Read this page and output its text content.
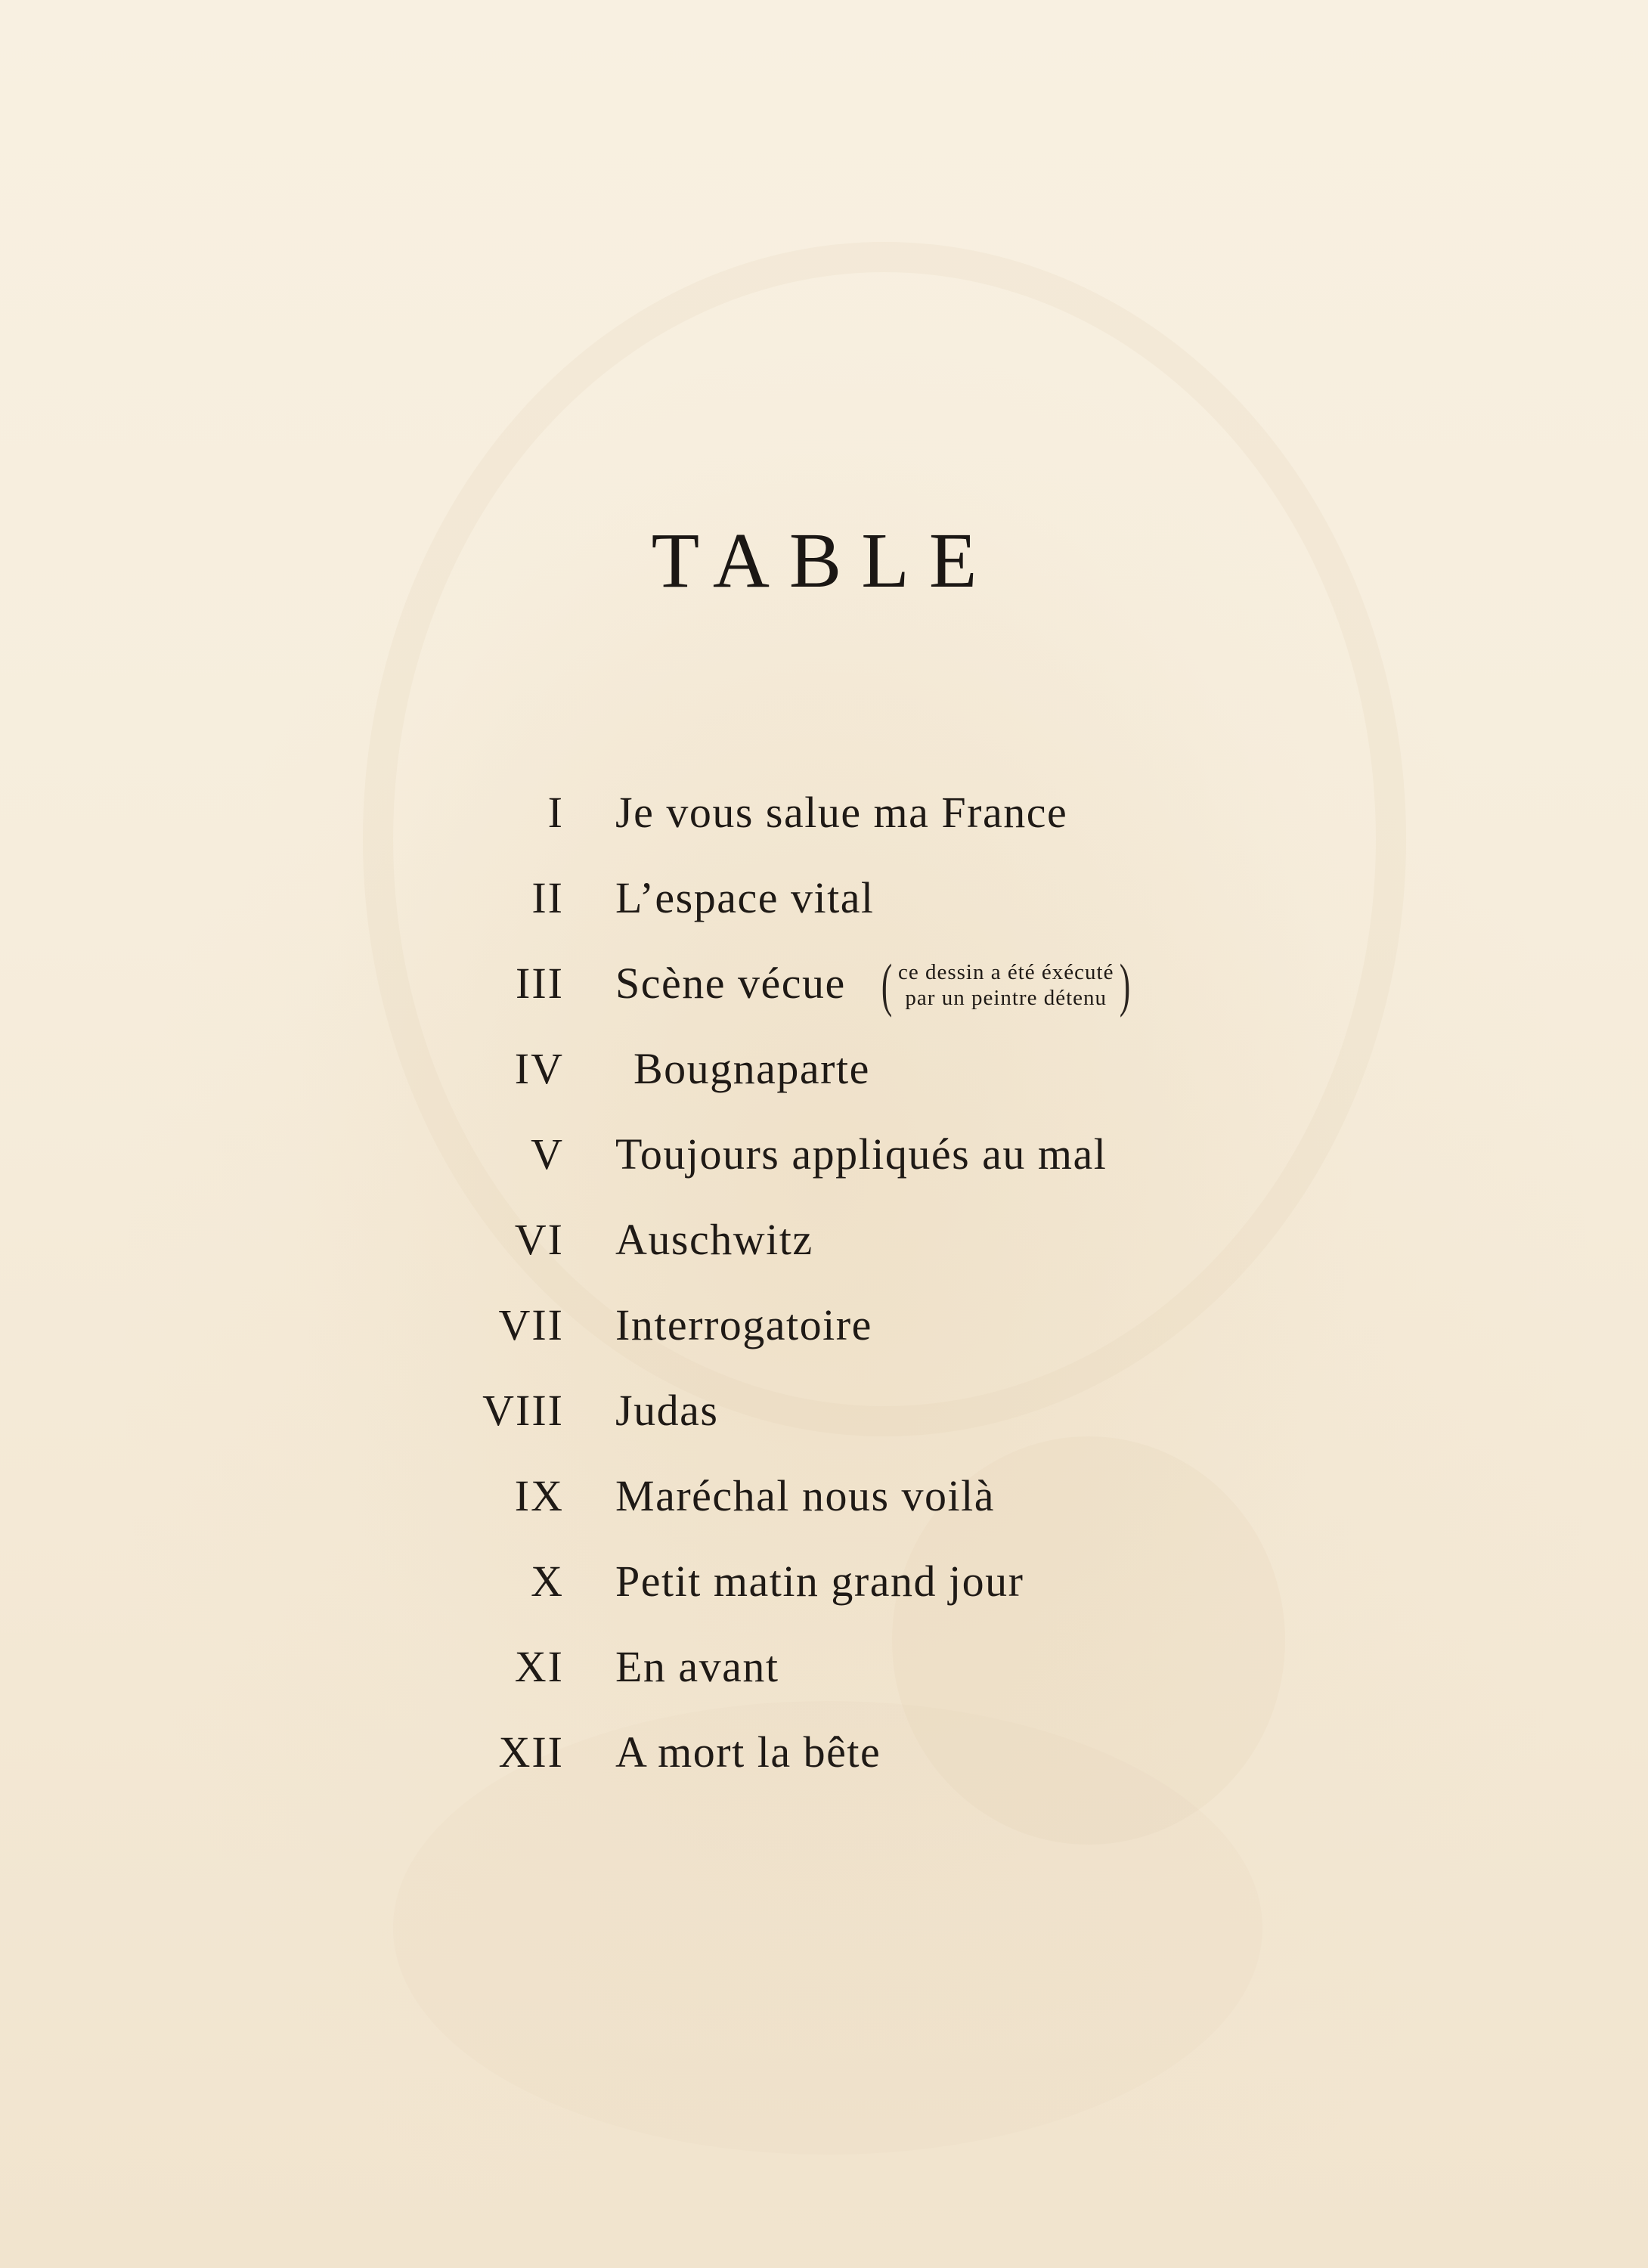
TABLE
I Je vous salue ma France
II L’espace vital
III Scène vécue ( ce dessin a été éxécuté
par un peintre détenu )
IV Bougnaparte
V Toujours appliqués au mal
VI Auschwitz
VII Interrogatoire
VIII Judas
IX Maréchal nous voilà
X Petit matin grand jour
XI En avant
XII A mort la bête
